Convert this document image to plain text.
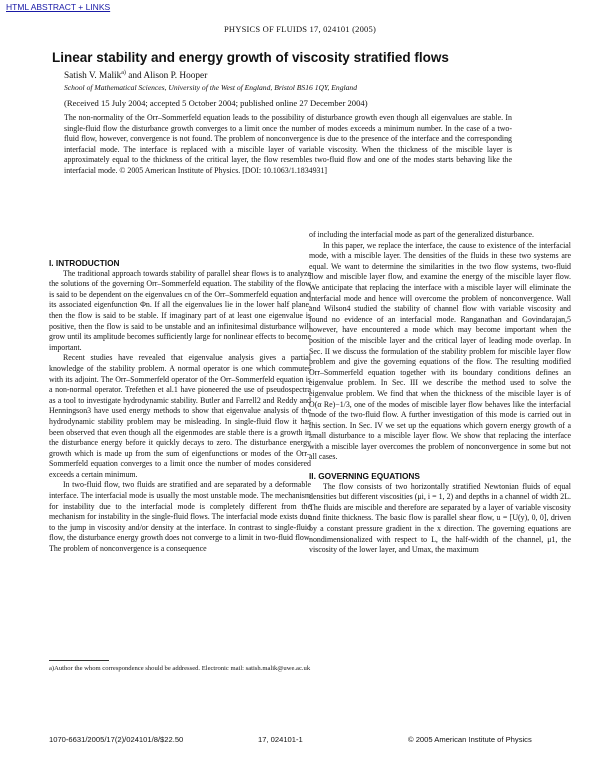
HTML ABSTRACT + LINKS
PHYSICS OF FLUIDS 17, 024101 (2005)
Linear stability and energy growth of viscosity stratified flows
Satish V. Malik$^{a)}$ and Alison P. Hooper
School of Mathematical Sciences, University of the West of England, Bristol BS16 1QY, England
(Received 15 July 2004; accepted 5 October 2004; published online 27 December 2004)
The non-normality of the Orr–Sommerfeld equation leads to the possibility of disturbance growth even though all eigenvalues are stable. In single-fluid flow the disturbance growth converges to a limit once the number of modes exceeds a minimum number. In the case of a two-fluid flow, however, convergence is not found. The problem of nonconvergence is due to the presence of the interface and the corresponding interfacial mode. The interface is replaced with a miscible layer of variable viscosity. When the thickness of the miscible layer is approximately equal to the thickness of the critical layer, the flow resembles two-fluid flow and one of the modes starts behaving like the interfacial mode. © 2005 American Institute of Physics. [DOI: 10.1063/1.1834931]

I. INTRODUCTION

The traditional approach towards stability of parallel shear flows is to analyze the solutions of the governing Orr–Sommerfeld equation. The stability of the flow is said to be dependent on the eigenvalues cn of the Orr–Sommerfeld equation and its associated eigenfunction Φn. If all the eigenvalues lie in the lower half plane, then the flow is said to be stable. If imaginary part of at least one eigenvalue is positive, then the flow is said to be unstable and an infinitesimal disturbance will grow until its amplitude becomes sufficiently large for nonlinear effects to become important.

Recent studies have revealed that eigenvalue analysis gives a partial knowledge of the stability problem. A normal operator is one which commutes with its adjoint. The Orr–Sommerfeld operator of the Orr–Sommerfeld equation is a non-normal operator. Trefethen et al.1 have pioneered the use of pseudospectra as a tool to investigate hydrodynamic stability. Butler and Farrell2 and Reddy and Henningson3 have used energy methods to show that eigenvalue analysis of the hydrodynamic stability problem may be misleading. In single-fluid flow it has been observed that even though all the eigenmodes are stable there is a growth in the disturbance energy before it quickly decays to zero. The disturbance energy growth which is made up from the sum of eigenfunctions or modes of the Orr–Sommerfeld equation converges to a limit once the number of modes considered exceeds a certain minimum.

In two-fluid flow, two fluids are stratified and are separated by a deformable interface. The interfacial mode is usually the most unstable mode. The mechanism for instability due to the interfacial mode is completely different from the mechanism for instability in the single-fluid flows. The interfacial mode exists due to the jump in viscosity and/or density at the interface. In contrast to single-fluid flow, the disturbance energy growth does not converge to a limit in two-fluid flow. The problem of nonconvergence is a consequence

of including the interfacial mode as part of the generalized disturbance.

In this paper, we replace the interface, the cause to existence of the interfacial mode, with a miscible layer. The densities of the fluids in these two systems are equal. We want to determine the similarities in the two flow systems, two-fluid flow and miscible layer flow, and examine the energy of the miscible layer flow. We anticipate that replacing the interface with a miscible layer will eliminate the interfacial mode and hence will overcome the problem of nonconvergence. Wall and Wilson4 studied the stability of channel flow with variable viscosity and found no evidence of an interfacial mode. Ranganathan and Govindarajan,5 however, have encountered a mode which may become important when the position of the miscible layer and the critical layer of leading mode overlap. In Sec. II we discuss the formulation of the stability problem for miscible layer flow problem and give the governing equations of the flow. The resulting modified Orr–Sommerfeld equation together with its boundary conditions defines an eigenvalue problem. In Sec. III we describe the method used to solve the eigenvalue problem. We find that when the thickness of the miscible layer is of O(α Re)−1/3, one of the modes of miscible layer flow behaves like the interfacial mode of the two-fluid flow. A further investigation of this mode is carried out in this section. In Sec. IV we set up the equations which govern energy growth of a small disturbance to a miscible layer flow. We show that replacing the interface with a miscible layer overcomes the problem of nonconvergence in some but not all cases.

II. GOVERNING EQUATIONS

The flow consists of two horizontally stratified Newtonian fluids of equal densities but different viscosities (μi, i = 1, 2) and depths in a channel of width 2L. The fluids are miscible and therefore are separated by a layer of variable viscosity and finite thickness. The basic flow is parallel shear flow, u = [U(y), 0, 0], driven by a constant pressure gradient in the x direction. The governing equations are nondimensionalized with respect to L, the half-width of the channel, μ1, the viscosity of the lower layer, and Umax, the maximum

a)Author the whom correspondence should be addressed. Electronic mail: satish.malik@uwe.ac.uk
1070-6631/2005/17(2)/024101/8/$22.50	17, 024101-1	© 2005 American Institute of Physics
